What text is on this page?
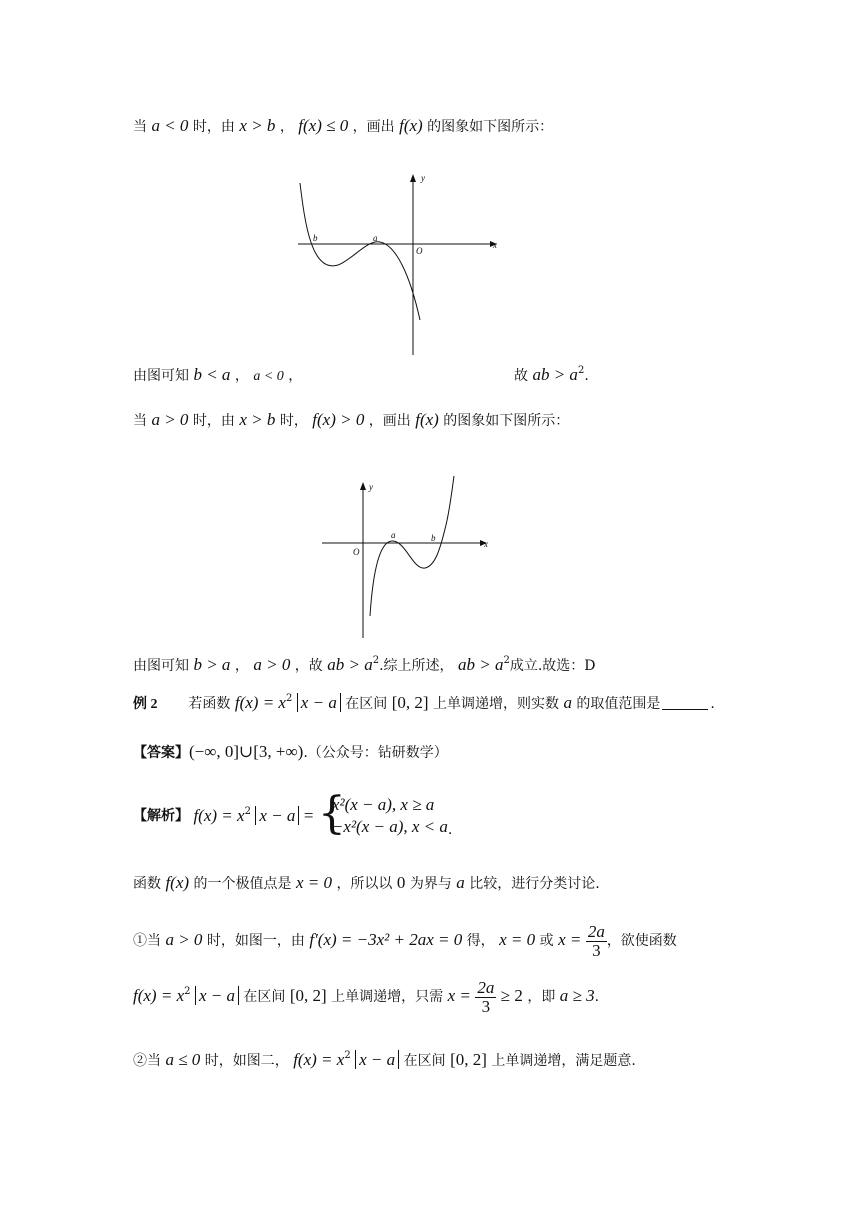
当 a < 0 时，由 x > b ， f(x) ≤ 0 ，画出 f(x) 的图象如下图所示：
y
x
O
b	a
由图可知 b < a ， a < 0 ，	故 ab > $a^2$.
当 a > 0 时，由 x > b 时， f(x) > 0 ，画出 f(x) 的图象如下图所示：
y
x
O
a	b
由图可知 b > a ， a > 0 ，故 ab > $a^2$.综上所述， ab > $a^2$成立.故选：D
例 2 若函数 $f(x) = x^2$ x − a 在区间 [0, 2] 上单调递增，则实数 a 的取值范围是	.
【答案】(−∞, 0]∪[3, +∞).（公众号：钻研数学）
【解析】 $f(x) = x^2$ x − a = {
x²(x − a), x ≥ a
−x²(x − a), x < a .
函数 f(x) 的一个极值点是 x = 0 ，所以以 0 为界与 a 比较，进行分类讨论.
①当 a > 0 时，如图一，由 f′(x) = −3x² + 2ax = 0 得， x = 0 或 $x = \frac{2a}{3}$ ，欲使函数
$f(x) = x^2$ x − a 在区间 [0, 2] 上单调递增，只需 $x = \frac{2a}{3} \ge 2$ ，即 a ≥ 3.
②当 a ≤ 0 时，如图二， $f(x) = x^2$ x − a 在区间 [0, 2] 上单调递增，满足题意.
